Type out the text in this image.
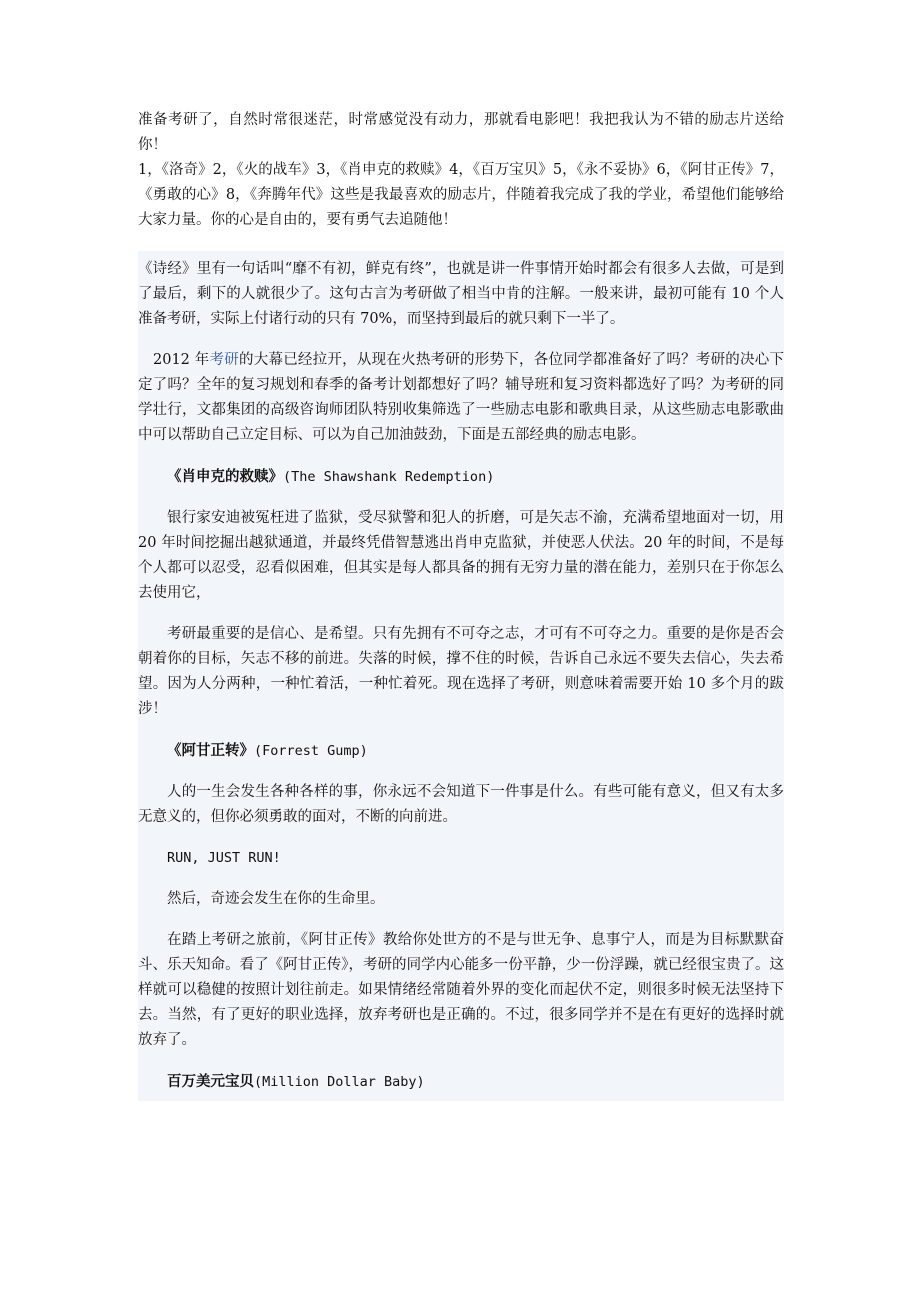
准备考研了，自然时常很迷茫，时常感觉没有动力，那就看电影吧！我把我认为不错的励志片送给你！

1，《洛奇》2，《火的战车》3，《肖申克的救赎》4，《百万宝贝》5，《永不妥协》6，《阿甘正传》7，《勇敢的心》8，《奔腾年代》这些是我最喜欢的励志片，伴随着我完成了我的学业，希望他们能够给大家力量。你的心是自由的，要有勇气去追随他！

《诗经》里有一句话叫“靡不有初，鲜克有终”，也就是讲一件事情开始时都会有很多人去做，可是到了最后，剩下的人就很少了。这句古言为考研做了相当中肯的注解。一般来讲，最初可能有 10 个人准备考研，实际上付诸行动的只有 70%，而坚持到最后的就只剩下一半了。

2012 年考研的大幕已经拉开，从现在火热考研的形势下，各位同学都准备好了吗？考研的决心下定了吗？全年的复习规划和春季的备考计划都想好了吗？辅导班和复习资料都选好了吗？为考研的同学壮行，文都集团的高级咨询师团队特别收集筛选了一些励志电影和歌典目录，从这些励志电影歌曲中可以帮助自己立定目标、可以为自己加油鼓劲，下面是五部经典的励志电影。

《肖申克的救赎》(The Shawshank Redemption)

银行家安迪被冤枉进了监狱，受尽狱警和犯人的折磨，可是矢志不渝，充满希望地面对一切，用 20 年时间挖掘出越狱通道，并最终凭借智慧逃出肖申克监狱，并使恶人伏法。20 年的时间，不是每个人都可以忍受，忍看似困难，但其实是每人都具备的拥有无穷力量的潜在能力，差别只在于你怎么去使用它，

考研最重要的是信心、是希望。只有先拥有不可夺之志，才可有不可夺之力。重要的是你是否会朝着你的目标，矢志不移的前进。失落的时候，撑不住的时候，告诉自己永远不要失去信心，失去希望。因为人分两种，一种忙着活，一种忙着死。现在选择了考研，则意味着需要开始 10 多个月的跋涉！

《阿甘正转》(Forrest Gump)

人的一生会发生各种各样的事，你永远不会知道下一件事是什么。有些可能有意义，但又有太多无意义的，但你必须勇敢的面对，不断的向前进。

RUN, JUST RUN!

然后，奇迹会发生在你的生命里。

在踏上考研之旅前，《阿甘正传》教给你处世方的不是与世无争、息事宁人，而是为目标默默奋斗、乐天知命。看了《阿甘正传》，考研的同学内心能多一份平静，少一份浮躁，就已经很宝贵了。这样就可以稳健的按照计划往前走。如果情绪经常随着外界的变化而起伏不定，则很多时候无法坚持下去。当然，有了更好的职业选择，放弃考研也是正确的。不过，很多同学并不是在有更好的选择时就放弃了。

百万美元宝贝(Million Dollar Baby)
